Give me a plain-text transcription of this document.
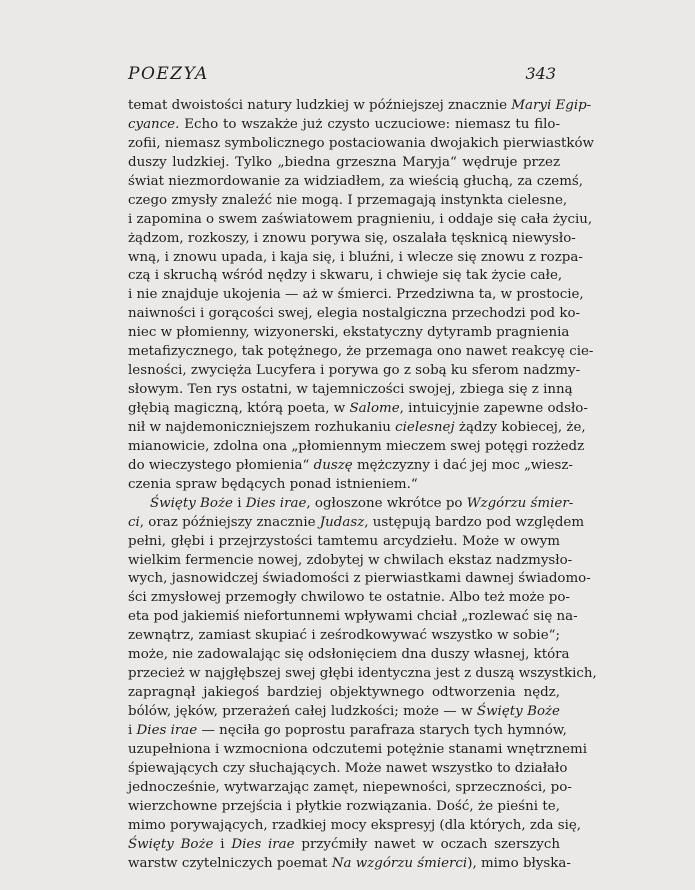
POEZYA	343
temat dwoistości natury ludzkiej w późniejszej znacznie Maryi Egip-
cyance. Echo to wszakże już czysto uczuciowe: niemasz tu filo-
zofii, niemasz symbolicznego postaciowania dwojakich pierwiastków
duszy ludzkiej. Tylko „biedna grzeszna Maryja“ wędruje przez
świat niezmordowanie za widziadłem, za wieścią głuchą, za czemś,
czego zmysły znaleźć nie mogą. I przemagają instynkta cielesne,
i zapomina o swem zaświatowem pragnieniu, i oddaje się cała życiu,
żądzom, rozkoszy, i znowu porywa się, oszalała tęsknicą niewysło-
wną, i znowu upada, i kaja się, i bluźni, i wlecze się znowu z rozpa-
czą i skruchą wśród nędzy i skwaru, i chwieje się tak życie całe,
i nie znajduje ukojenia — aż w śmierci. Przedziwna ta, w prostocie,
naiwności i gorącości swej, elegia nostalgiczna przechodzi pod ko-
niec w płomienny, wizyonerski, ekstatyczny dytyramb pragnienia
metafizycznego, tak potężnego, że przemaga ono nawet reakcyę cie-
lesności, zwycięża Lucyfera i porywa go z sobą ku sferom nadzmy-
słowym. Ten rys ostatni, w tajemniczości swojej, zbiega się z inną
głębią magiczną, którą poeta, w Salome, intuicyjnie zapewne odsło-
nił w najdemoniczniejszem rozhukaniu cielesnej żądzy kobiecej, że,
mianowicie, zdolna ona „płomiennym mieczem swej potęgi rozżedz
do wieczystego płomienia“ duszę mężczyzny i dać jej moc „wiesz-
czenia spraw będących ponad istnieniem.“
Święty Boże i Dies irae, ogłoszone wkrótce po Wzgórzu śmier-
ci, oraz późniejszy znacznie Judasz, ustępują bardzo pod względem
pełni, głębi i przejrzystości tamtemu arcydziełu. Może w owym
wielkim fermencie nowej, zdobytej w chwilach ekstaz nadzmysło-
wych, jasnowidczej świadomości z pierwiastkami dawnej świadomo-
ści zmysłowej przemogły chwilowo te ostatnie. Albo też może po-
eta pod jakiemiś niefortunnemi wpływami chciał „rozlewać się na-
zewnątrz, zamiast skupiać i ześrodkowywać wszystko w sobie“;
może, nie zadowalając się odsłonięciem dna duszy własnej, która
przecież w najgłębszej swej głębi identyczna jest z duszą wszystkich,
zapragnął jakiegoś bardziej objektywnego odtworzenia nędz,
bólów, jęków, przerażeń całej ludzkości; może — w Święty Boże
i Dies irae — nęciła go poprostu parafraza starych tych hymnów,
uzupełniona i wzmocniona odczutemi potężnie stanami wnętrznemi
śpiewających czy słuchających. Może nawet wszystko to działało
jednocześnie, wytwarzając zamęt, niepewności, sprzeczności, po-
wierzchowne przejścia i płytkie rozwiązania. Dość, że pieśni te,
mimo porywających, rzadkiej mocy ekspresyj (dla których, zda się,
Święty Boże i Dies irae przyćmiły nawet w oczach szerszych
warstw czytelniczych poemat Na wzgórzu śmierci), mimo błyska-
